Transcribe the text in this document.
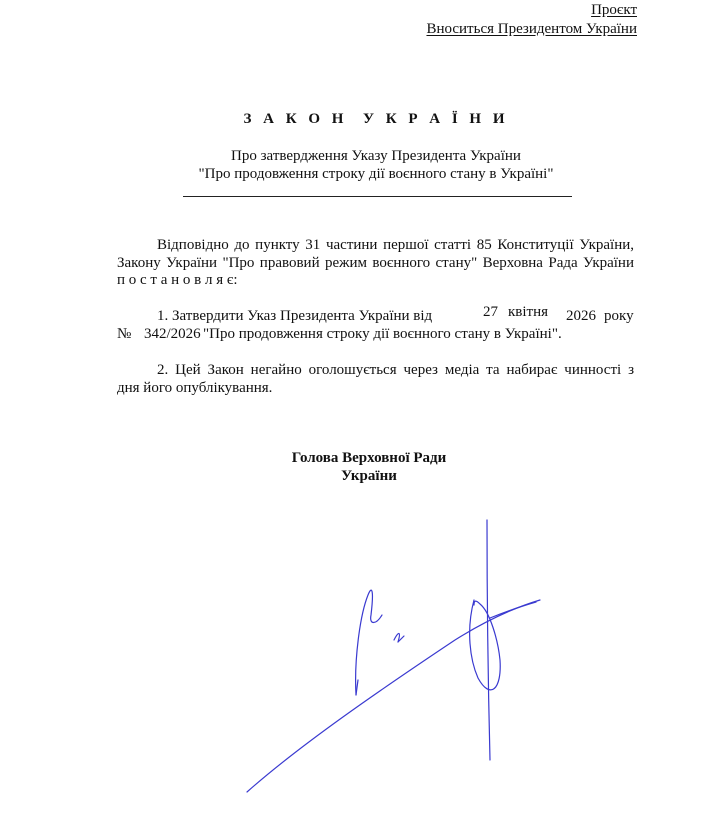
Проєкт
Вноситься Президентом України
З А К О Н  У К Р А Ї Н И
Про затвердження Указу Президента України
"Про продовження строку дії воєнного стану в Україні"
Відповідно до пункту 31 частини першої статті 85 Конституції України,
Закону України "Про правовий режим воєнного стану" Верховна Рада України
п о с т а н о в л я є:
1. Затвердити Указ Президента України від	27 квітня 2026 року
№ 342/2026 "Про продовження строку дії воєнного стану в Україні".
2. Цей Закон негайно оголошується через медіа та набирає чинності з
дня його опублікування.
Голова Верховної Ради
України
